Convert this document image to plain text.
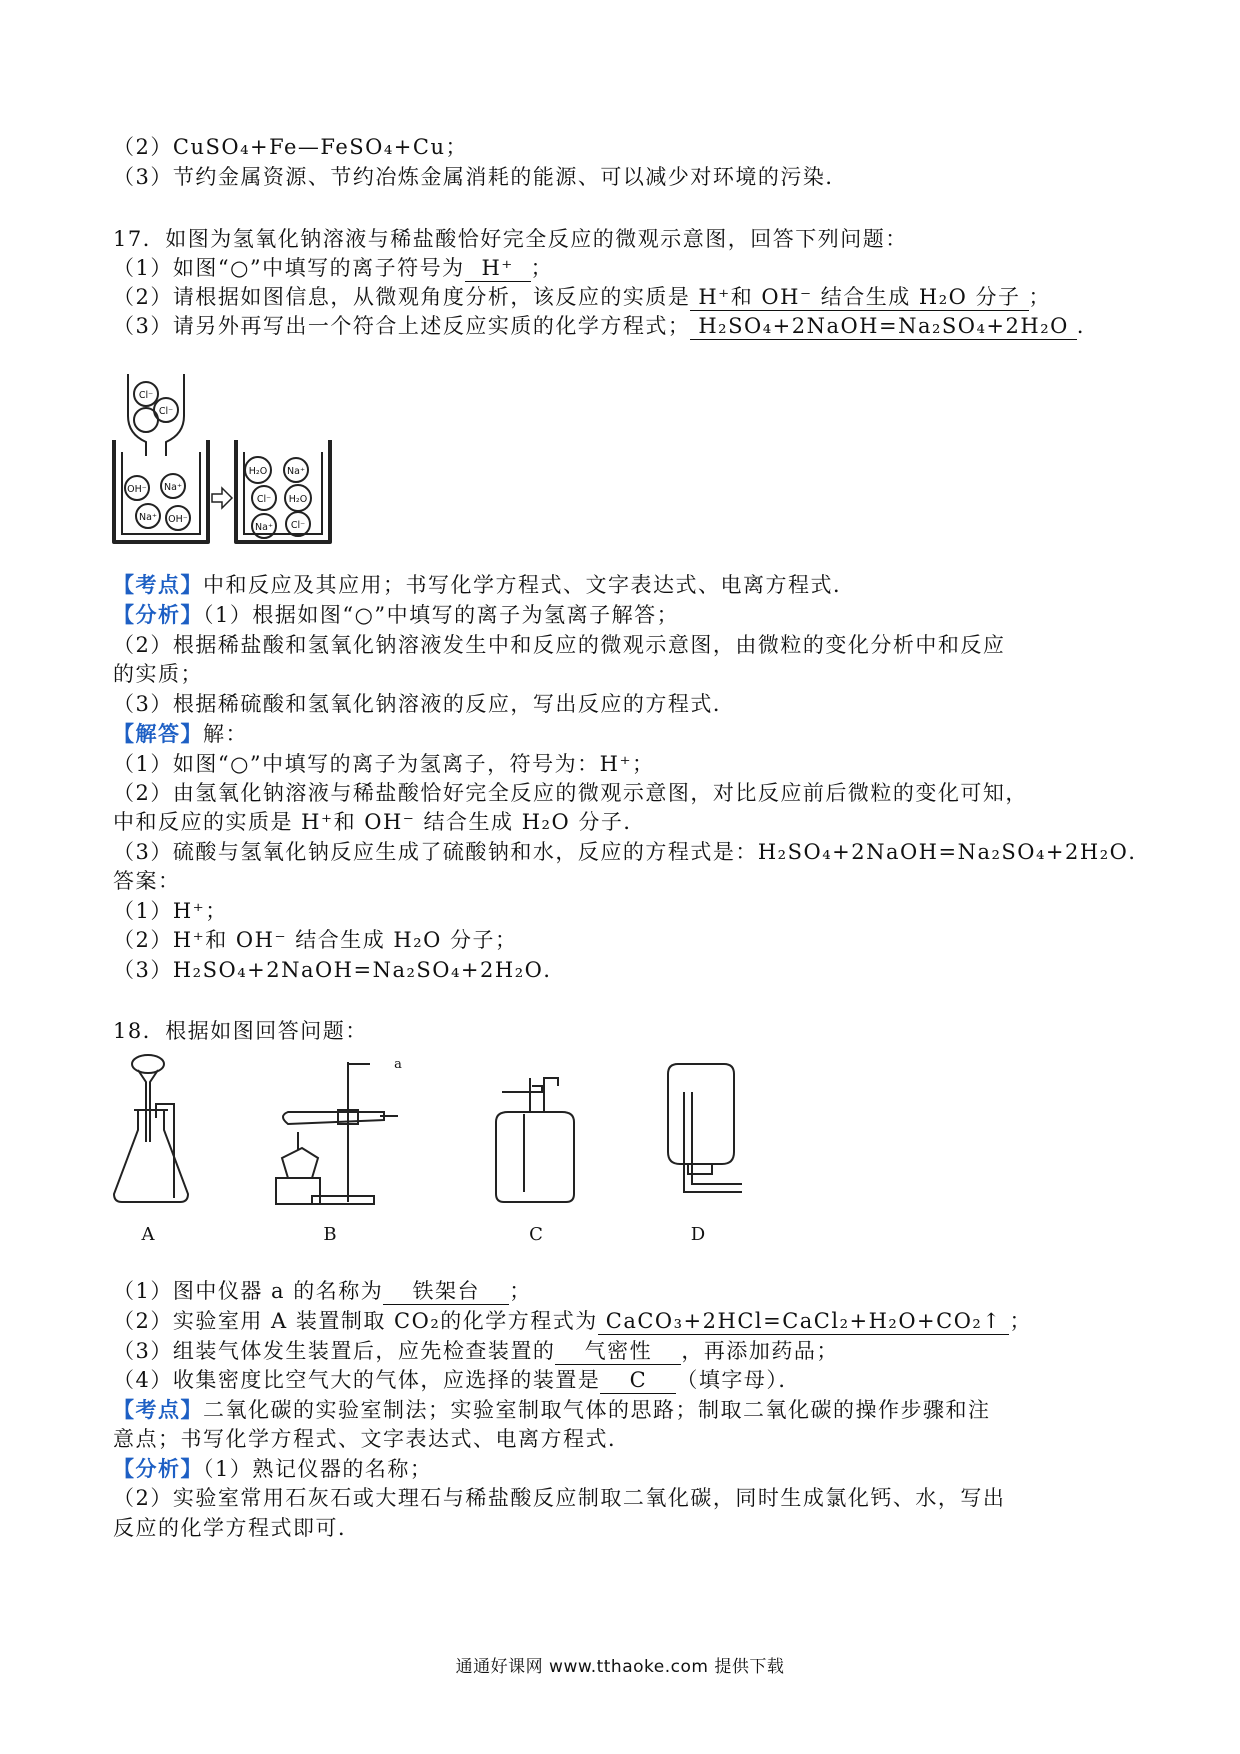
（2）CuSO₄+Fe—FeSO₄+Cu；
（3）节约金属资源、节约冶炼金属消耗的能源、可以减少对环境的污染．
17．如图为氢氧化钠溶液与稀盐酸恰好完全反应的微观示意图，回答下列问题：
（1）如图“○”中填写的离子符号为 H⁺ ；
（2）请根据如图信息，从微观角度分析，该反应的实质是 H⁺和 OH⁻ 结合生成 H₂O 分子 ；
（3）请另外再写出一个符合上述反应实质的化学方程式； H₂SO₄+2NaOH=Na₂SO₄+2H₂O ．
Cl⁻
Cl⁻
OH⁻ Na⁺
Na⁺ OH⁻
H₂O Na⁺
Cl⁻ H₂O
Na⁺ Cl⁻
【考点】中和反应及其应用；书写化学方程式、文字表达式、电离方程式．
【分析】（1）根据如图“○”中填写的离子为氢离子解答；
（2）根据稀盐酸和氢氧化钠溶液发生中和反应的微观示意图，由微粒的变化分析中和反应
的实质；
（3）根据稀硫酸和氢氧化钠溶液的反应，写出反应的方程式．
【解答】解：
（1）如图“○”中填写的离子为氢离子，符号为：H⁺；
（2）由氢氧化钠溶液与稀盐酸恰好完全反应的微观示意图，对比反应前后微粒的变化可知，
中和反应的实质是 H⁺和 OH⁻ 结合生成 H₂O 分子．
（3）硫酸与氢氧化钠反应生成了硫酸钠和水，反应的方程式是：H₂SO₄+2NaOH=Na₂SO₄+2H₂O．
答案：
（1）H⁺；
（2）H⁺和 OH⁻ 结合生成 H₂O 分子；
（3）H₂SO₄+2NaOH=Na₂SO₄+2H₂O．
18．根据如图回答问题：
a
A	B	C	D
（1）图中仪器 a 的名称为 铁架台 ；
（2）实验室用 A 装置制取 CO₂的化学方程式为 CaCO₃+2HCl=CaCl₂+H₂O+CO₂↑ ；
（3）组装气体发生装置后，应先检查装置的 气密性 ，再添加药品；
（4）收集密度比空气大的气体，应选择的装置是 C （填字母）．
【考点】二氧化碳的实验室制法；实验室制取气体的思路；制取二氧化碳的操作步骤和注
意点；书写化学方程式、文字表达式、电离方程式．
【分析】（1）熟记仪器的名称；
（2）实验室常用石灰石或大理石与稀盐酸反应制取二氧化碳，同时生成氯化钙、水，写出
反应的化学方程式即可．
通通好课网 www.tthaoke.com 提供下载
